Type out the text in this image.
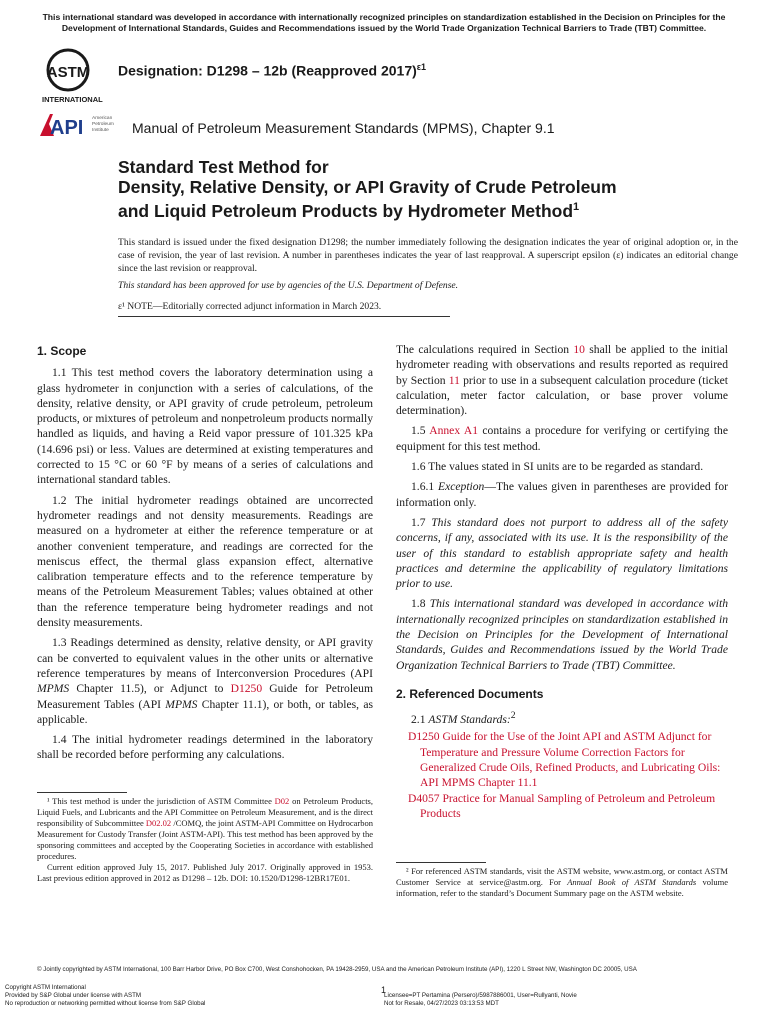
This international standard was developed in accordance with internationally recognized principles on standardization established in the Decision on Principles for the Development of International Standards, Guides and Recommendations issued by the World Trade Organization Technical Barriers to Trade (TBT) Committee.
ASTM
INTERNATIONAL
Designation: D1298 – 12b (Reapproved 2017)$^{\varepsilon 1}$
API American
Petroleum
Institute Manual of Petroleum Measurement Standards (MPMS), Chapter 9.1
Standard Test Method for
Density, Relative Density, or API Gravity of Crude Petroleum
and Liquid Petroleum Products by Hydrometer Method$^1$
This standard is issued under the fixed designation D1298; the number immediately following the designation indicates the year of original adoption or, in the case of revision, the year of last revision. A number in parentheses indicates the year of last reapproval. A superscript epsilon (ε) indicates an editorial change since the last revision or reapproval.
This standard has been approved for use by agencies of the U.S. Department of Defense.
ε¹ NOTE—Editorially corrected adjunct information in March 2023.
1. Scope

1.1 This test method covers the laboratory determination using a glass hydrometer in conjunction with a series of calculations, of the density, relative density, or API gravity of crude petroleum, petroleum products, or mixtures of petroleum and nonpetroleum products normally handled as liquids, and having a Reid vapor pressure of 101.325 kPa (14.696 psi) or less. Values are determined at existing temperatures and corrected to 15 °C or 60 °F by means of a series of calculations and international standard tables.

1.2 The initial hydrometer readings obtained are uncorrected hydrometer readings and not density measurements. Readings are measured on a hydrometer at either the reference temperature or at another convenient temperature, and readings are corrected for the meniscus effect, the thermal glass expansion effect, alternative calibration temperature effects and to the reference temperature by means of the Petroleum Measurement Tables; values obtained at other than the reference temperature being hydrometer readings and not density measurements.

1.3 Readings determined as density, relative density, or API gravity can be converted to equivalent values in the other units or alternative reference temperatures by means of Interconversion Procedures (API MPMS Chapter 11.5), or Adjunct to D1250 Guide for Petroleum Measurement Tables (API MPMS Chapter 11.1), or both, or tables, as applicable.

1.4 The initial hydrometer readings determined in the laboratory shall be recorded before performing any calculations.

¹ This test method is under the jurisdiction of ASTM Committee D02 on Petroleum Products, Liquid Fuels, and Lubricants and the API Committee on Petroleum Measurement, and is the direct responsibility of Subcommittee D02.02 /COMQ, the joint ASTM-API Committee on Hydrocarbon Measurement for Custody Transfer (Joint ASTM-API). This test method has been approved by the sponsoring committees and accepted by the Cooperating Societies in accordance with established procedures.

Current edition approved July 15, 2017. Published July 2017. Originally approved in 1953. Last previous edition approved in 2012 as D1298 – 12b. DOI: 10.1520/D1298-12BR17E01.

The calculations required in Section 10 shall be applied to the initial hydrometer reading with observations and results reported as required by Section 11 prior to use in a subsequent calculation procedure (ticket calculation, meter factor calculation, or base prover volume determination).

1.5 Annex A1 contains a procedure for verifying or certifying the equipment for this test method.

1.6 The values stated in SI units are to be regarded as standard.

1.6.1 Exception—The values given in parentheses are provided for information only.

1.7 This standard does not purport to address all of the safety concerns, if any, associated with its use. It is the responsibility of the user of this standard to establish appropriate safety and health practices and determine the applicability of regulatory limitations prior to use.

1.8 This international standard was developed in accordance with internationally recognized principles on standardization established in the Decision on Principles for the Development of International Standards, Guides and Recommendations issued by the World Trade Organization Technical Barriers to Trade (TBT) Committee.

2. Referenced Documents

2.1 ASTM Standards:$^2$

D1250 Guide for the Use of the Joint API and ASTM Adjunct for Temperature and Pressure Volume Correction Factors for Generalized Crude Oils, Refined Products, and Lubricating Oils: API MPMS Chapter 11.1
D4057 Practice for Manual Sampling of Petroleum and Petroleum Products

² For referenced ASTM standards, visit the ASTM website, www.astm.org, or contact ASTM Customer Service at service@astm.org. For Annual Book of ASTM Standards volume information, refer to the standard’s Document Summary page on the ASTM website.

© Jointly copyrighted by ASTM International, 100 Barr Harbor Drive, PO Box C700, West Conshohocken, PA 19428-2959, USA and the American Petroleum Institute (API), 1220 L Street NW, Washington DC 20005, USA
Copyright ASTM International
Provided by S&P Global under license with ASTM
No reproduction or networking permitted without license from S&P Global
1
Licensee=PT Pertamina (Persero)/5987886001, User=Rullyanti, Novie
Not for Resale, 04/27/2023 03:13:53 MDT
